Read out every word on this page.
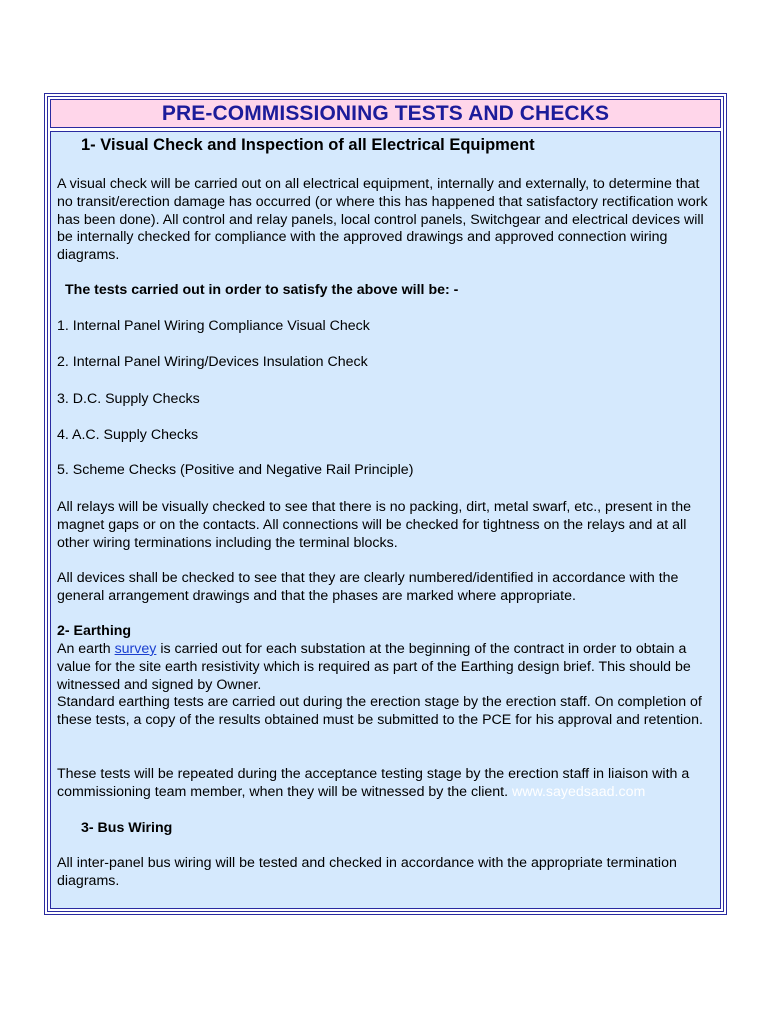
PRE-COMMISSIONING TESTS AND CHECKS

1- Visual Check and Inspection of all Electrical Equipment

A visual check will be carried out on all electrical equipment, internally and externally, to determine that no transit/erection damage has occurred (or where this has happened that satisfactory rectification work has been done). All control and relay panels, local control panels, Switchgear and electrical devices will be internally checked for compliance with the approved drawings and approved connection wiring diagrams.

The tests carried out in order to satisfy the above will be: -

1. Internal Panel Wiring Compliance Visual Check

2. Internal Panel Wiring/Devices Insulation Check

3. D.C. Supply Checks

4. A.C. Supply Checks

5. Scheme Checks (Positive and Negative Rail Principle)

All relays will be visually checked to see that there is no packing, dirt, metal swarf, etc., present in the magnet gaps or on the contacts. All connections will be checked for tightness on the relays and at all other wiring terminations including the terminal blocks.

All devices shall be checked to see that they are clearly numbered/identified in accordance with the general arrangement drawings and that the phases are marked where appropriate.

2- Earthing

An earth survey is carried out for each substation at the beginning of the contract in order to obtain a value for the site earth resistivity which is required as part of the Earthing design brief. This should be witnessed and signed by Owner.

Standard earthing tests are carried out during the erection stage by the erection staff. On completion of these tests, a copy of the results obtained must be submitted to the PCE for his approval and retention.

These tests will be repeated during the acceptance testing stage by the erection staff in liaison with a commissioning team member, when they will be witnessed by the client. www.sayedsaad.com

3- Bus Wiring

All inter-panel bus wiring will be tested and checked in accordance with the appropriate termination diagrams.
